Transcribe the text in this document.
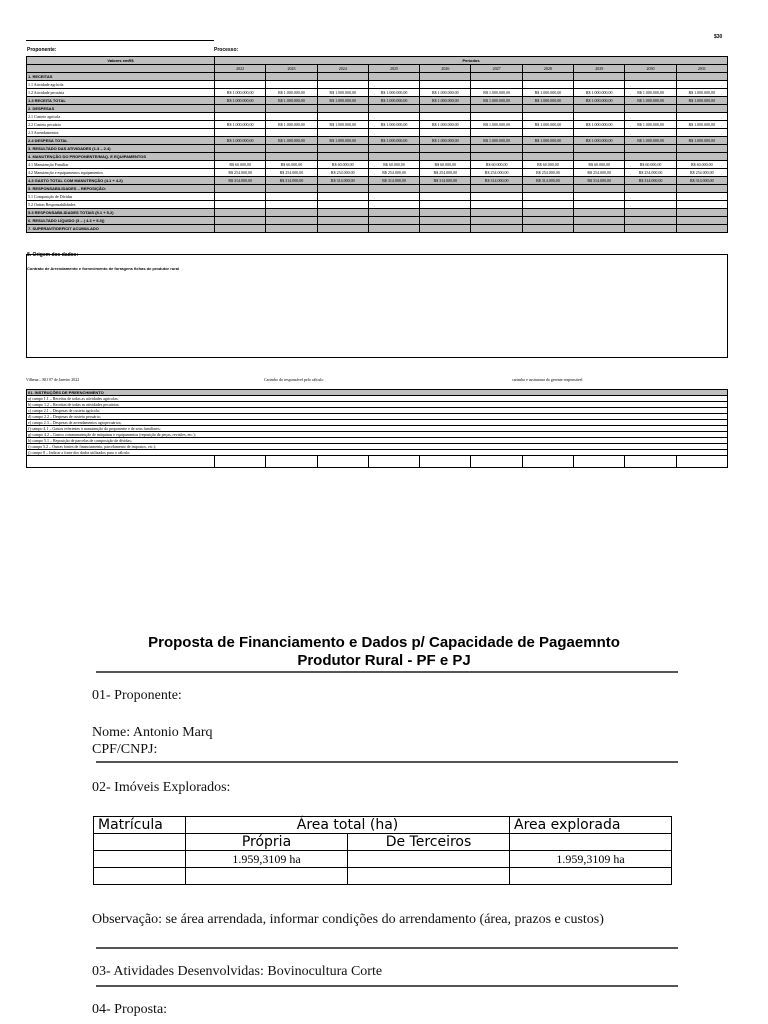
$30
Proponente:	Processo:
Valores emR$	Períodos									
	2022	2023	2024	2025	2026	2027	2028	2029	2030	2031
1. RECEITAS										
1.1 Atividade agrícola										
1.2 Atividade pecuária	R$ 1.000.000,00	R$ 1.000.000,00	R$ 1.000.000,00	R$ 1.000.000,00	R$ 1.000.000,00	R$ 1.000.000,00	R$ 1.000.000,00	R$ 1.000.000,00	R$ 1.000.000,00	R$ 1.000.000,00
1.3 RECEITA TOTAL	R$ 1.000.000,00	R$ 1.000.000,00	R$ 1.000.000,00	R$ 1.000.000,00	R$ 1.000.000,00	R$ 1.000.000,00	R$ 1.000.000,00	R$ 1.000.000,00	R$ 1.000.000,00	R$ 1.000.000,00
2. DESPESAS										
2.1 Custeio agrícola										
2.2 Custeio pecuário	R$ 1.000.000,00	R$ 1.000.000,00	R$ 1.000.000,00	R$ 1.000.000,00	R$ 1.000.000,00	R$ 1.000.000,00	R$ 1.000.000,00	R$ 1.000.000,00	R$ 1.000.000,00	R$ 1.000.000,00
2.3 Arrendamentos										
2.4 DESPESA TOTAL	R$ 1.000.000,00	R$ 1.000.000,00	R$ 1.000.000,00	R$ 1.000.000,00	R$ 1.000.000,00	R$ 1.000.000,00	R$ 1.000.000,00	R$ 1.000.000,00	R$ 1.000.000,00	R$ 1.000.000,00
3. RESULTADO DAS ATIVIDADES (1.3 – 2.4)										
4. MANUTENÇÃO DO PROPONENTE/MAQ. E EQUIPAMENTOS										
4.1 Manutenção Familiar	R$ 60.000,00	R$ 60.000,00	R$ 60.000,00	R$ 60.000,00	R$ 60.000,00	R$ 60.000,00	R$ 60.000,00	R$ 60.000,00	R$ 60.000,00	R$ 60.000,00
4.2 Manutenção e equipamentos equipamentos	R$ 254.000,00	R$ 254.000,00	R$ 254.000,00	R$ 254.000,00	R$ 254.000,00	R$ 254.000,00	R$ 254.000,00	R$ 254.000,00	R$ 254.000,00	R$ 254.000,00
4.3 GASTO TOTAL COM MANUTENÇÃO (4.1 + 4.2)	R$ 314.000,00	R$ 314.000,00	R$ 314.000,00	R$ 314.000,00	R$ 314.000,00	R$ 314.000,00	R$ 314.000,00	R$ 314.000,00	R$ 314.000,00	R$ 314.000,00
5. RESPONSABILIDADES – REPOSIÇÃO:										
5.1 Composição de Dívidas										
5.2 Outras Responsabilidades										
5.3 RESPONSABILIDADES TOTAIS (5.1 + 5.2)										
6. RESULTADO LÍQUIDO (3 – ( 4.3 + 5.3))										
7. SUPERAVIT/DEFICIT ACUMULADO										
8. Origem dos dados:
Contrato de Arrendamento e fornecimento de forragens fichas de produtor rural
Vilhena – RO 07 de Janeiro 2022	Carimbo do responsável pelo cálculo	carimbo e assinatura do gerente responsável
01. INSTRUÇÕES DE PREENCHIMENTO
a) campo 1.1 – Receitas de todas as atividades agrícolas;
b) campo 1.2 – Receitas de todas as atividades pecuárias;
c) campo 2.1 – Despesas de custeio agrícola;
d) campo 2.2 – Despesas de custeio pecuário;
e) campo 2.3 – Despesas de arrendamentos agropecuários;
f) campo 4.1 – Gastos referentes à manutenção do proponente e de seus familiares;
g) campo 4.2 – Gastos commanutenção de máquinas e equipamentos (reposição de peças, revisões, etc.);
h) campo 5.1 – Reposição de parcelas de composição de dívidas;
i) campo 5.2 – Outras fontes de financiamento, parcelamento de impostos, etc.);
j) campo 8 – Indicar a fonte dos dados utilizados para o cálculo:

Proposta de Financiamento e Dados p/ Capacidade de Pagaemnto
Produtor Rural - PF e PJ
01- Proponente:
Nome: Antonio Marq
CPF/CNPJ:
02- Imóveis Explorados:
Matrícula	Área total (ha)		Area explorada
	Própria	De Terceiros	
	1.959,3109 ha		1.959,3109 ha

Observação: se área arrendada, informar condições do arrendamento (área, prazos e custos)
03- Atividades Desenvolvidas: Bovinocultura Corte
04- Proposta:
